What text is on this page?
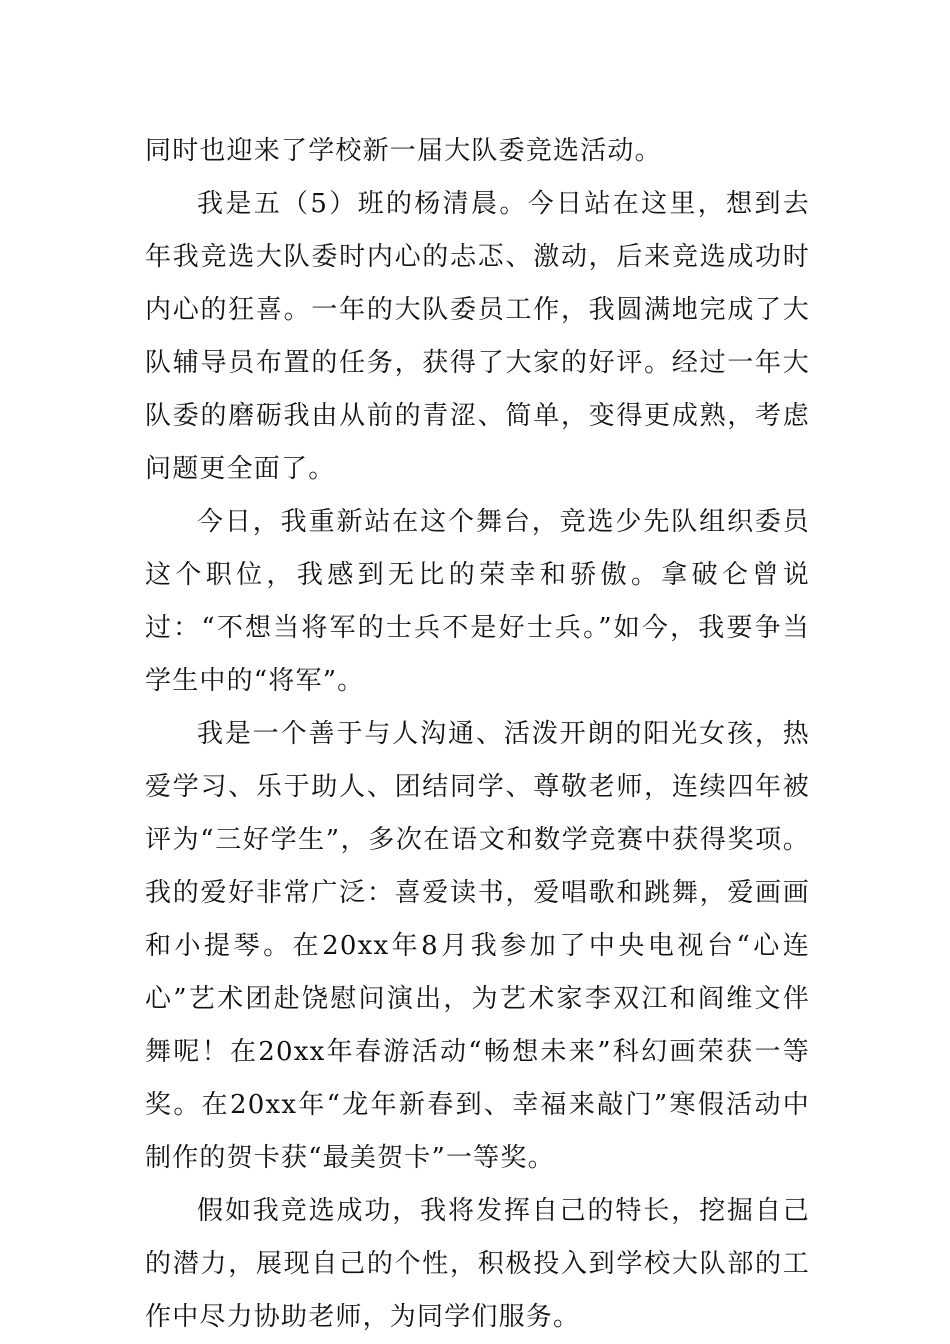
同时也迎来了学校新一届大队委竞选活动。

我是五（5）班的杨清晨。今日站在这里，想到去年我竞选大队委时内心的忐忑、激动，后来竞选成功时内心的狂喜。一年的大队委员工作，我圆满地完成了大队辅导员布置的任务，获得了大家的好评。经过一年大队委的磨砺我由从前的青涩、简单，变得更成熟，考虑问题更全面了。

今日，我重新站在这个舞台，竞选少先队组织委员这个职位，我感到无比的荣幸和骄傲。拿破仑曾说过：“不想当将军的士兵不是好士兵。”如今，我要争当学生中的“将军”。

我是一个善于与人沟通、活泼开朗的阳光女孩，热爱学习、乐于助人、团结同学、尊敬老师，连续四年被评为“三好学生”，多次在语文和数学竞赛中获得奖项。我的爱好非常广泛：喜爱读书，爱唱歌和跳舞，爱画画和小提琴。在20xx年8月我参加了中央电视台“心连心”艺术团赴饶慰问演出，为艺术家李双江和阎维文伴舞呢！在20xx年春游活动“畅想未来”科幻画荣获一等奖。在20xx年“龙年新春到、幸福来敲门”寒假活动中制作的贺卡获“最美贺卡”一等奖。

假如我竞选成功，我将发挥自己的特长，挖掘自己的潜力，展现自己的个性，积极投入到学校大队部的工作中尽力协助老师，为同学们服务。
